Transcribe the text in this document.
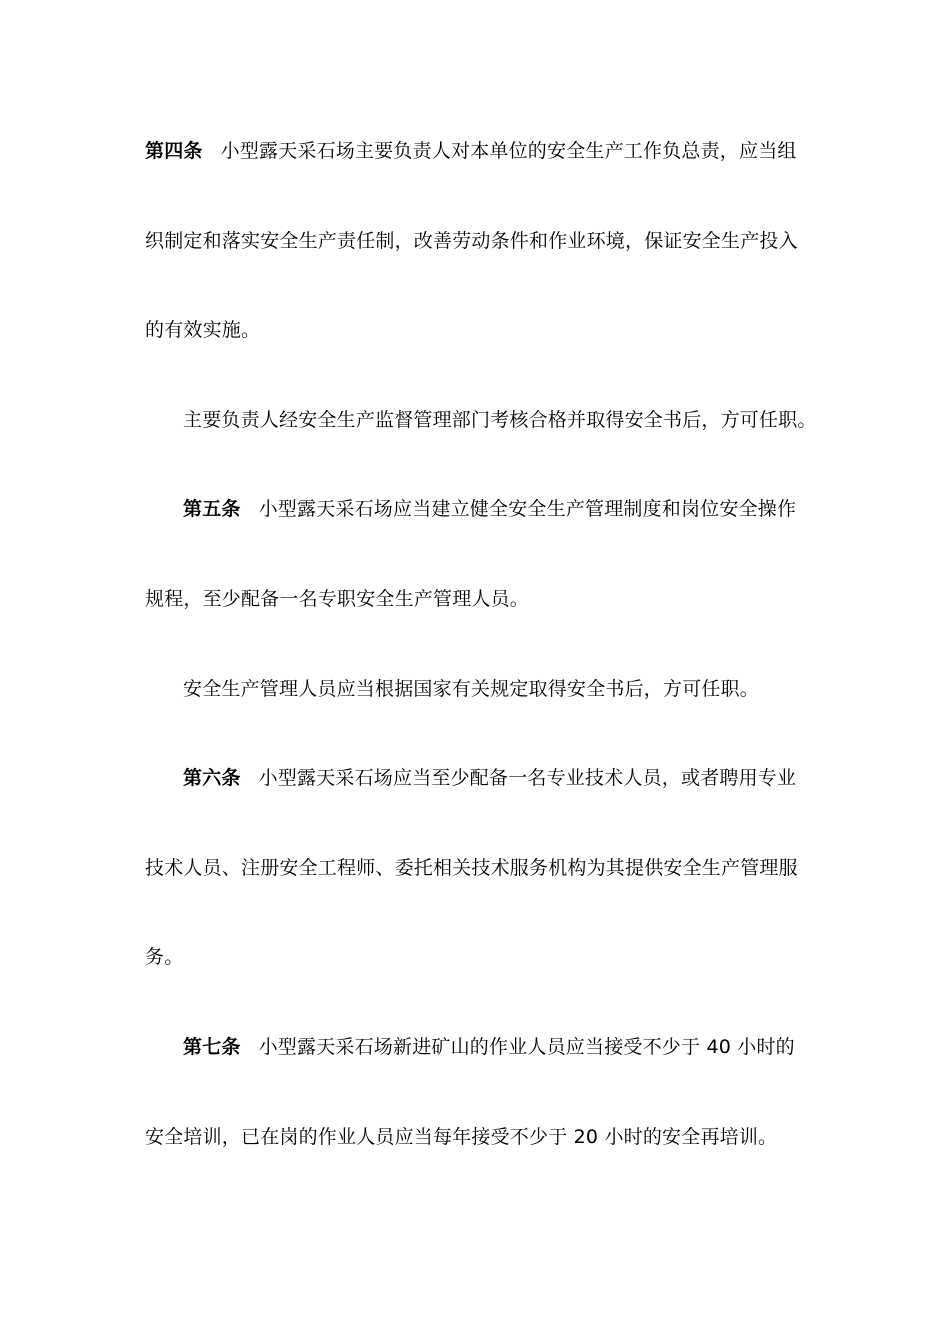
第四条 小型露天采石场主要负责人对本单位的安全生产工作负总责，应当组
织制定和落实安全生产责任制，改善劳动条件和作业环境，保证安全生产投入
的有效实施。
主要负责人经安全生产监督管理部门考核合格并取得安全书后，方可任职。
第五条 小型露天采石场应当建立健全安全生产管理制度和岗位安全操作
规程，至少配备一名专职安全生产管理人员。
安全生产管理人员应当根据国家有关规定取得安全书后，方可任职。
第六条 小型露天采石场应当至少配备一名专业技术人员，或者聘用专业
技术人员、注册安全工程师、委托相关技术服务机构为其提供安全生产管理服
务。
第七条 小型露天采石场新进矿山的作业人员应当接受不少于 40 小时的
安全培训，已在岗的作业人员应当每年接受不少于 20 小时的安全再培训。
